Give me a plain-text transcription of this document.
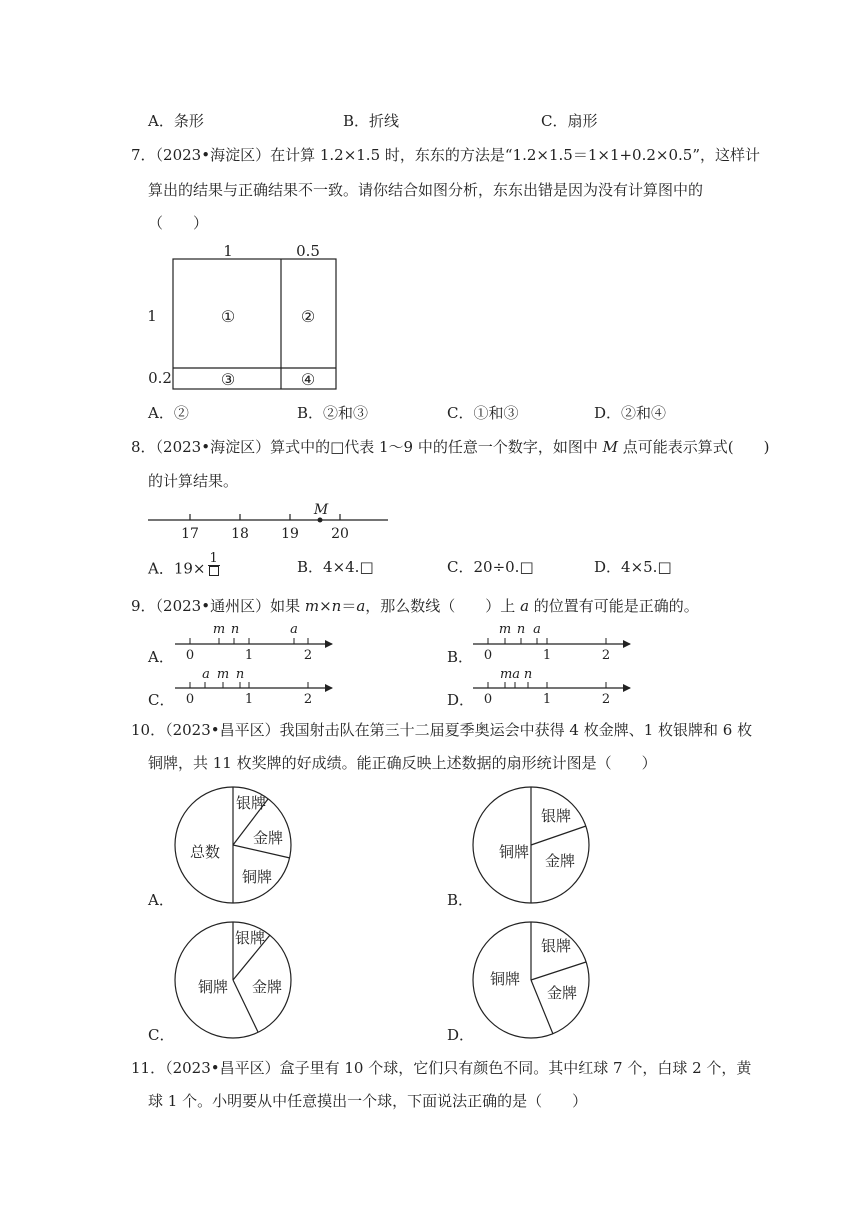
A．条形	B．折线	C．扇形
7．（2023•海淀区）在计算 1.2×1.5 时，东东的方法是“1.2×1.5＝1×1+0.2×0.5”，这样计
算出的结果与正确结果不一致。请你结合如图分析，东东出错是因为没有计算图中的
（　　）
1	0.5
1
0.2
①	②
③	④
A．②	B．②和③	C．①和③	D．②和④
8．（2023•海淀区）算式中的□代表 1～9 中的任意一个数字，如图中 M 点可能表示算式(　　)
的计算结果。
17 18 19 20
M
A．19×
1	B．4×4.□	C．20÷0.□	D．4×5.□
9．（2023•通州区）如果 m×n＝a，那么数线（　　）上 a 的位置有可能是正确的。
0	1	2
m n	a
0	1	2
m n a
0	1	2
a m n
0	1	2
ma n
A．	B．
C．	D．
10．（2023•昌平区）我国射击队在第三十二届夏季奥运会中获得 4 枚金牌、1 枚银牌和 6 枚
铜牌，共 11 枚奖牌的好成绩。能正确反映上述数据的扇形统计图是（　　）
银牌
金牌
铜牌
总数
银牌
铜牌 金牌
银牌
铜牌 金牌
银牌
铜牌
金牌
A．	B．
C．	D．
11．（2023•昌平区）盒子里有 10 个球，它们只有颜色不同。其中红球 7 个，白球 2 个，黄
球 1 个。小明要从中任意摸出一个球，下面说法正确的是（　　）
